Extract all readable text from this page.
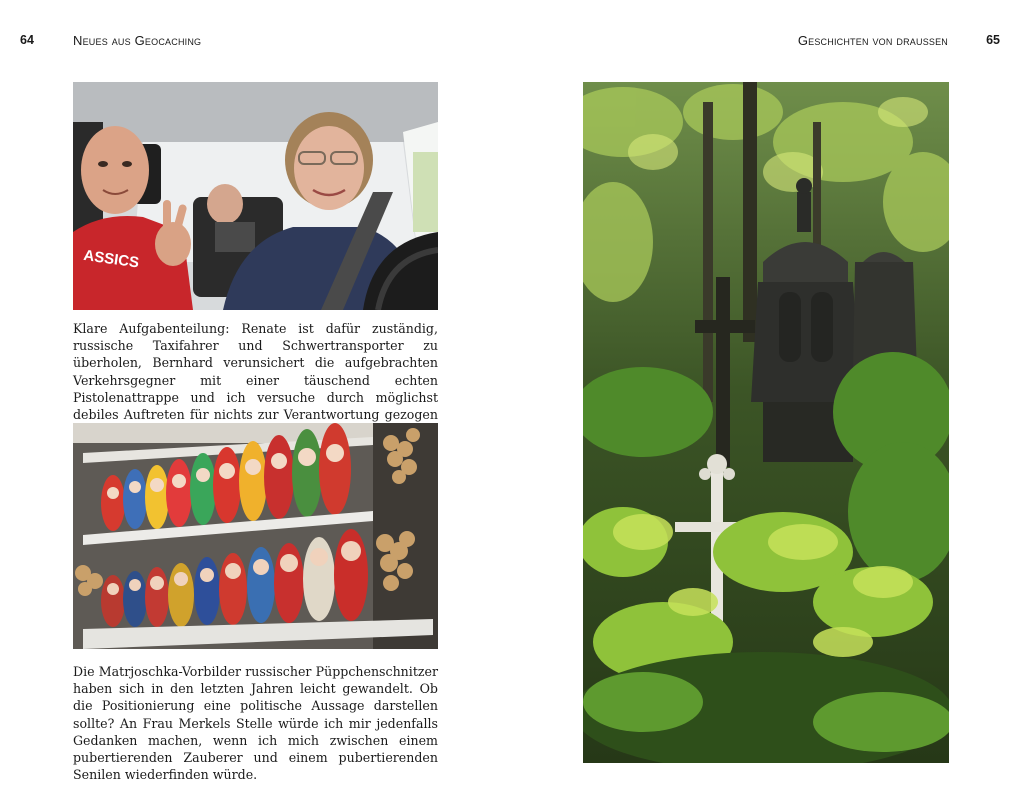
64	Neues aus Geocaching	Geschichten von draussen	65
ASSICS

Klare Aufgabenteilung: Renate ist dafür zuständig, russische Taxifahrer und Schwertransporter zu überholen, Bernhard verunsichert die aufgebrachten Verkehrsgegner mit einer täuschend echten Pistolenattrappe und ich versuche durch möglichst debiles Auftreten für nichts zur Verantwortung gezogen

Die Matrjoschka-Vorbilder russischer Püppchenschnitzer haben sich in den letzten Jahren leicht gewandelt. Ob die Positionierung eine politische Aussage darstellen sollte? An Frau Merkels Stelle würde ich mir jedenfalls Gedanken machen, wenn ich mich zwischen einem pubertierenden Zauberer und einem pubertierenden Senilen wiederfinden würde.
